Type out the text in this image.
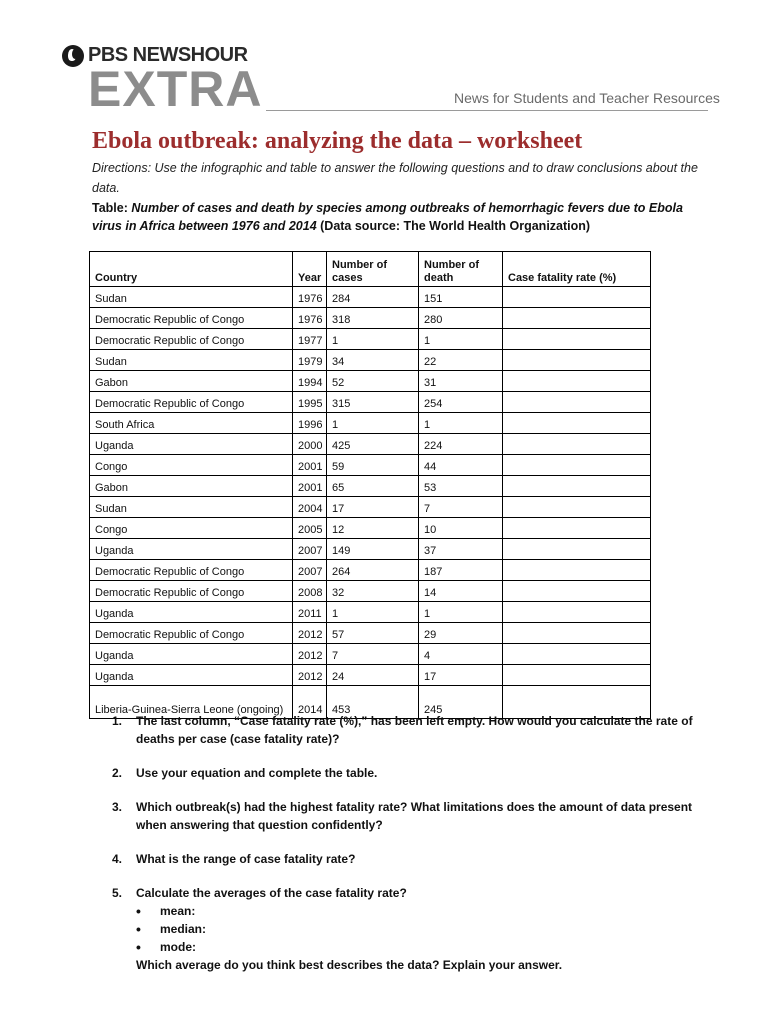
PBS NEWSHOUR
EXTRA	News for Students and Teacher Resources
Ebola outbreak: analyzing the data – worksheet
Directions: Use the infographic and table to answer the following questions and to draw conclusions about the data.
Table: Number of cases and death by species among outbreaks of hemorrhagic fevers due to Ebola virus in Africa between 1976 and 2014 (Data source: The World Health Organization)
Country	Year	Number of cases	Number of death	Case fatality rate (%)
Sudan	1976	284	151	
Democratic Republic of Congo	1976	318	280	
Democratic Republic of Congo	1977	1	1	
Sudan	1979	34	22	
Gabon	1994	52	31	
Democratic Republic of Congo	1995	315	254	
South Africa	1996	1	1	
Uganda	2000	425	224	
Congo	2001	59	44	
Gabon	2001	65	53	
Sudan	2004	17	7	
Congo	2005	12	10	
Uganda	2007	149	37	
Democratic Republic of Congo	2007	264	187	
Democratic Republic of Congo	2008	32	14	
Uganda	2011	1	1	
Democratic Republic of Congo	2012	57	29	
Uganda	2012	7	4	
Uganda	2012	24	17	
Liberia-Guinea-Sierra Leone (ongoing)	2014	453	245	
1.	The last column, “Case fatality rate (%),” has been left empty. How would you calculate the rate of deaths per case (case fatality rate)?
2.	Use your equation and complete the table.
3.	Which outbreak(s) had the highest fatality rate? What limitations does the amount of data present when answering that question confidently?
4.	What is the range of case fatality rate?
5.	Calculate the averages of the case fatality rate?
•	mean:
•	median:
•	mode:
Which average do you think best describes the data? Explain your answer.
